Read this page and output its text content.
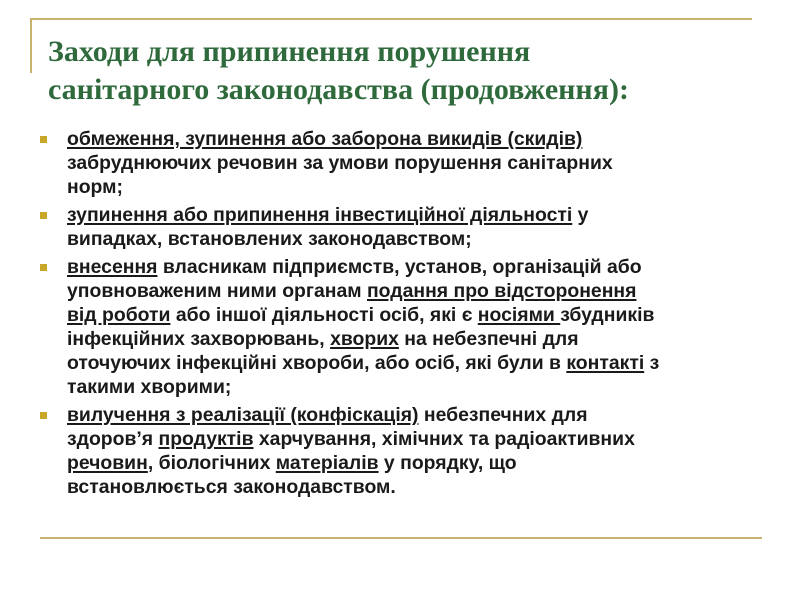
Заходи для припинення порушення
санітарного законодавства (продовження):
обмеження, зупинення або заборона викидів (скидів)
забруднюючих речовин за умови порушення санітарних
норм;
зупинення або припинення інвестиційної діяльності у
випадках, встановлених законодавством;
внесення власникам підприємств, установ, організацій або
уповноваженим ними органам подання про відсторонення
від роботи або іншої діяльності осіб, які є носіями збудників
інфекційних захворювань, хворих на небезпечні для
оточуючих інфекційні хвороби, або осіб, які були в контакті з
такими хворими;
вилучення з реалізації (конфіскація) небезпечних для
здоров’я продуктів харчування, хімічних та радіоактивних
речовин, біологічних матеріалів у порядку, що
встановлюється законодавством.
